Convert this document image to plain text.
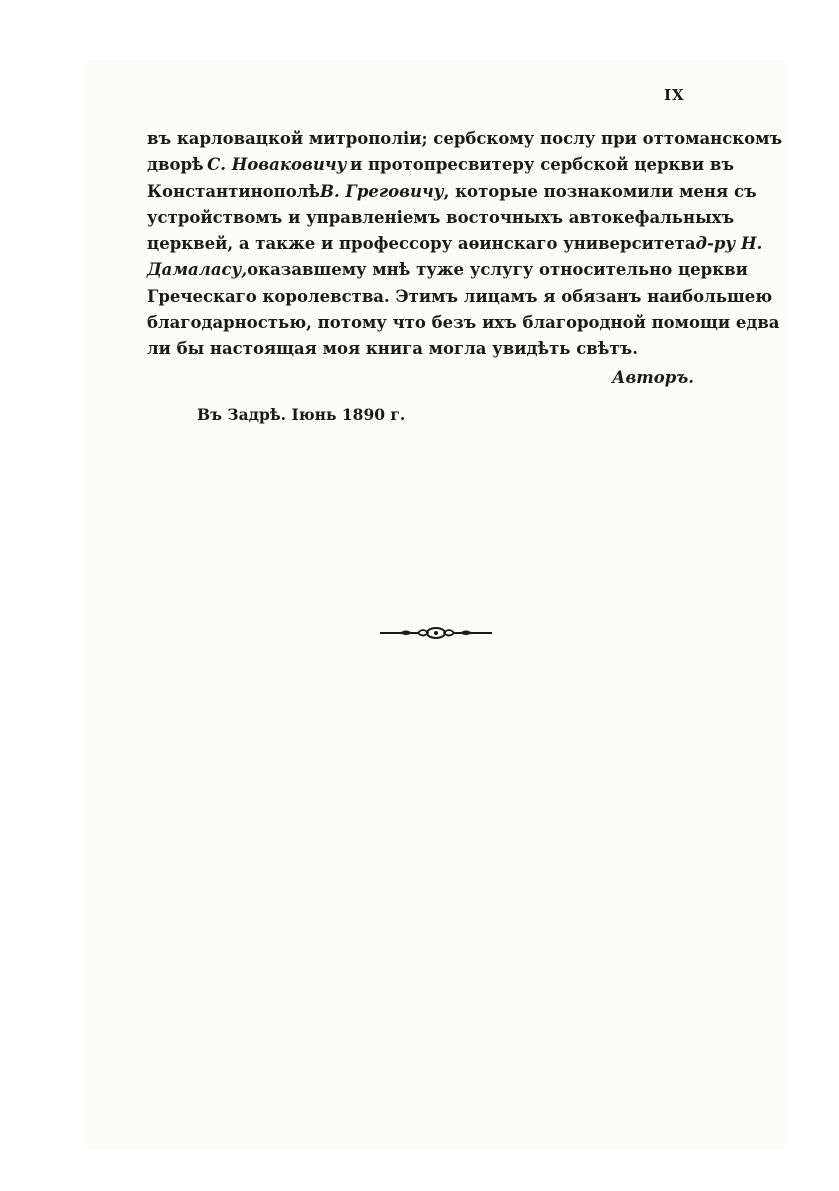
IX
въ карловацкой митрополіи; сербскому послу при оттоманскомъ
дворѣ С. Новаковичу и протопресвитеру сербской церкви въ
Константинополѣ В. Греговичу , которые познакомили меня съ
устройствомъ и управленіемъ восточныхъ автокефальныхъ
церквей, а также и профессору аѳинскаго университета д-ру Н.
Дамаласу, оказавшему мнѣ туже услугу относительно церкви
Греческаго королевства. Этимъ лицамъ я обязанъ наибольшею
благодарностью, потому что безъ ихъ благородной помощи едва
ли бы настоящая моя книга могла увидѣть свѣтъ.
Авторъ.
Въ Задрѣ. Іюнь 1890 г.
